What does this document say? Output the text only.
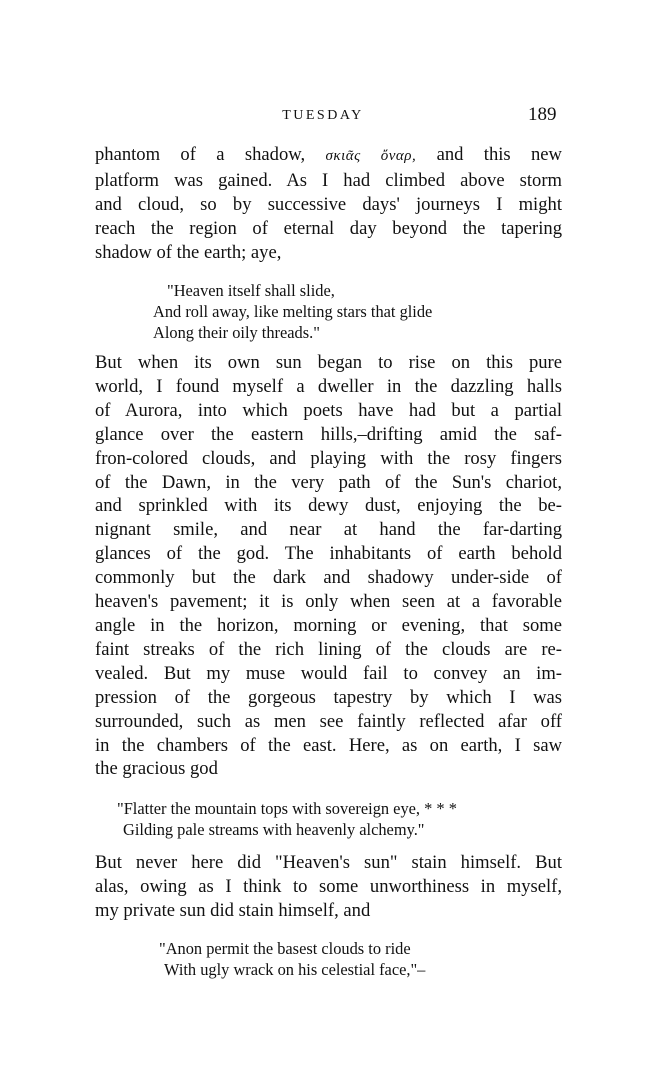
TUESDAY	189
phantom of a shadow, σκιᾶς ὄναρ, and this new
platform was gained. As I had climbed above storm
and cloud, so by successive days' journeys I might
reach the region of eternal day beyond the tapering
shadow of the earth; aye,
"Heaven itself shall slide,
And roll away, like melting stars that glide
Along their oily threads."
But when its own sun began to rise on this pure
world, I found myself a dweller in the dazzling halls
of Aurora, into which poets have had but a partial
glance over the eastern hills,–drifting amid the saf-
fron-colored clouds, and playing with the rosy fingers
of the Dawn, in the very path of the Sun's chariot,
and sprinkled with its dewy dust, enjoying the be-
nignant smile, and near at hand the far-darting
glances of the god. The inhabitants of earth behold
commonly but the dark and shadowy under-side of
heaven's pavement; it is only when seen at a favorable
angle in the horizon, morning or evening, that some
faint streaks of the rich lining of the clouds are re-
vealed. But my muse would fail to convey an im-
pression of the gorgeous tapestry by which I was
surrounded, such as men see faintly reflected afar off
in the chambers of the east. Here, as on earth, I saw
the gracious god
"Flatter the mountain tops with sovereign eye, * * *
Gilding pale streams with heavenly alchemy."
But never here did "Heaven's sun" stain himself. But
alas, owing as I think to some unworthiness in myself,
my private sun did stain himself, and
"Anon permit the basest clouds to ride
With ugly wrack on his celestial face,"–
